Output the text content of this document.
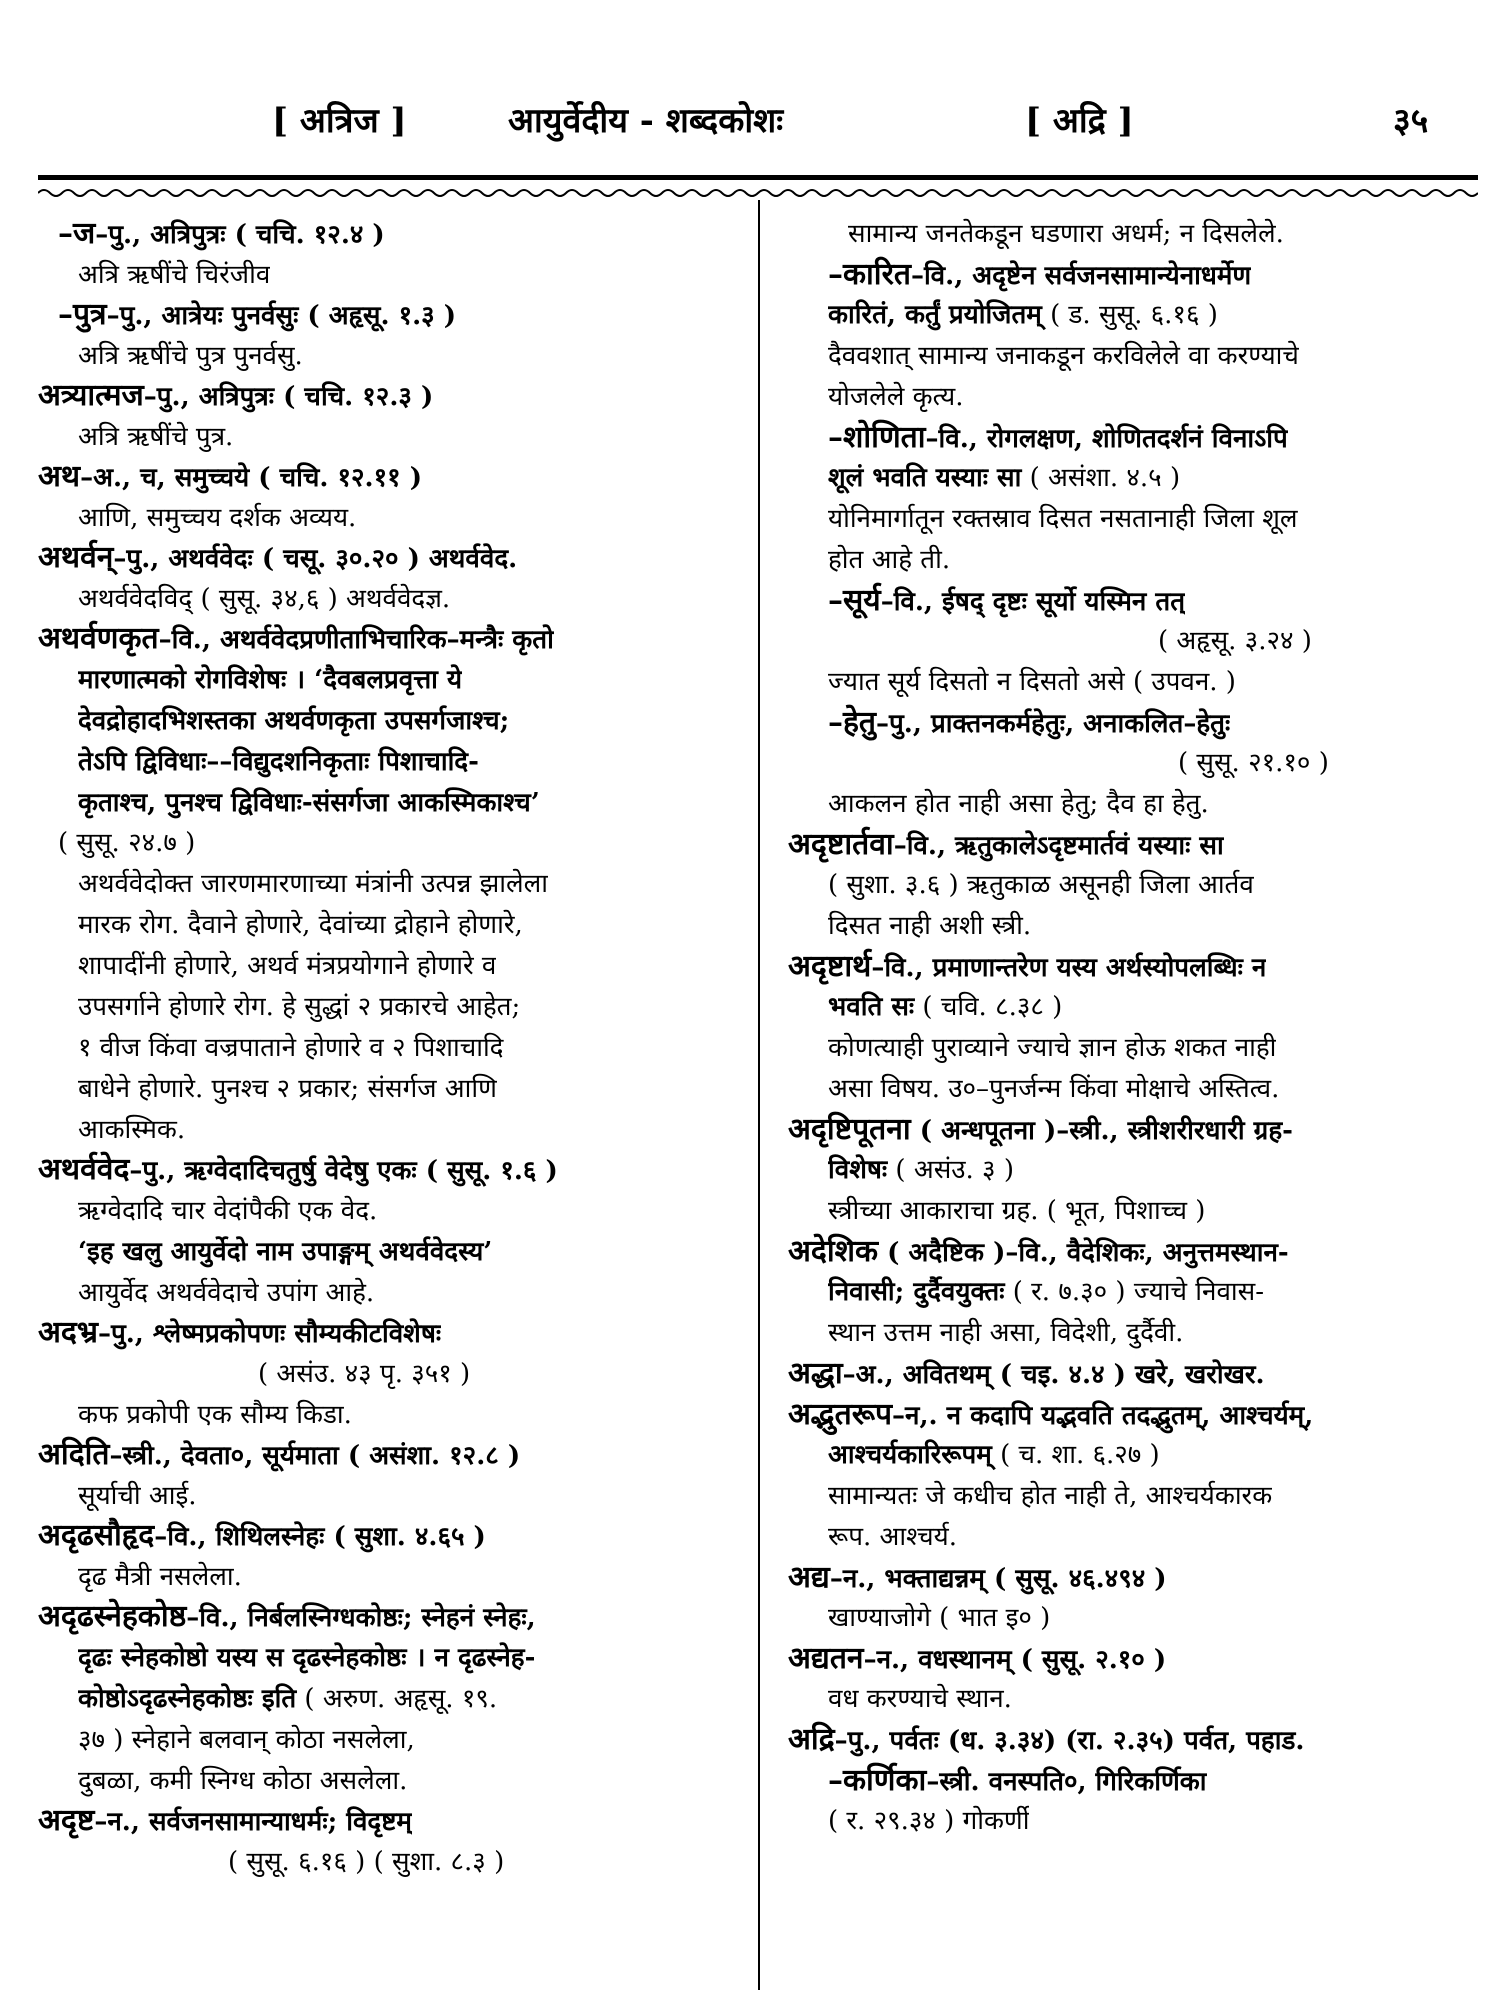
[ अत्रिज ]	आयुर्वेदीय - शब्दकोशः	[ अद्रि ]	३५
–ज–पु., अत्रिपुत्रः ( चचि. १२.४ )
अत्रि ऋषींचे चिरंजीव
–पुत्र–पु., आत्रेयः पुनर्वसुः ( अहृसू. १.३ )
अत्रि ऋषींचे पुत्र पुनर्वसु.
अत्र्यात्मज–पु., अत्रिपुत्रः ( चचि. १२.३ )
अत्रि ऋषींचे पुत्र.
अथ–अ., च, समुच्चये ( चचि. १२.११ )
आणि, समुच्चय दर्शक अव्यय.
अथर्वन्–पु., अथर्ववेदः ( चसू. ३०.२० ) अथर्ववेद.
अथर्ववेदविद् ( सुसू. ३४,६ ) अथर्ववेदज्ञ.
अथर्वणकृत–वि., अथर्ववेदप्रणीताभिचारिक–मन्त्रैः कृतो
मारणात्मको रोगविशेषः । ‘दैवबलप्रवृत्ता ये
देवद्रोहादभिशस्तका अथर्वणकृता उपसर्गजाश्च;
तेऽपि द्विविधाः––विद्युदशनिकृताः पिशाचादि-
कृताश्च, पुनश्च द्विविधाः-संसर्गजा आकस्मिकाश्च’
( सुसू. २४.७ )
अथर्ववेदोक्त जारणमारणाच्या मंत्रांनी उत्पन्न झालेला
मारक रोग. दैवाने होणारे, देवांच्या द्रोहाने होणारे,
शापादींनी होणारे, अथर्व मंत्रप्रयोगाने होणारे व
उपसर्गाने होणारे रोग. हे सुद्धां २ प्रकारचे आहेत;
१ वीज किंवा वज्रपाताने होणारे व २ पिशाचादि
बाधेने होणारे. पुनश्च २ प्रकार; संसर्गज आणि
आकस्मिक.
अथर्ववेद–पु., ऋग्वेदादिचतुर्षु वेदेषु एकः ( सुसू. १.६ )
ऋग्वेदादि चार वेदांपैकी एक वेद.
‘इह खलु आयुर्वेदो नाम उपाङ्गम् अथर्ववेदस्य’
आयुर्वेद अथर्ववेदाचे उपांग आहे.
अदभ्र–पु., श्लेष्मप्रकोपणः सौम्यकीटविशेषः
( असंउ. ४३ पृ. ३५१ )
कफ प्रकोपी एक सौम्य किडा.
अदिति–स्त्री., देवता०, सूर्यमाता ( असंशा. १२.८ )
सूर्याची आई.
अदृढसौहृद–वि., शिथिलस्नेहः ( सुशा. ४.६५ )
दृढ मैत्री नसलेला.
अदृढस्नेहकोष्ठ–वि., निर्बलस्निग्धकोष्ठः; स्नेहनं स्नेहः,
दृढः स्नेहकोष्ठो यस्य स दृढस्नेहकोष्ठः । न दृढस्नेह-
कोष्ठोऽदृढस्नेहकोष्ठः इति ( अरुण. अहृसू. १९.
३७ ) स्नेहाने बलवान् कोठा नसलेला,
दुबळा, कमी स्निग्ध कोठा असलेला.
अदृष्ट–न., सर्वजनसामान्याधर्मः; विदृष्टम्
( सुसू. ६.१६ ) ( सुशा. ८.३ )
सामान्य जनतेकडून घडणारा अधर्म; न दिसलेले.
–कारित–वि., अदृष्टेन सर्वजनसामान्येनाधर्मेण
कारितं, कर्तुं प्रयोजितम् ( ड. सुसू. ६.१६ )
दैववशात् सामान्य जनाकडून करविलेले वा करण्याचे
योजलेले कृत्य.
–शोणिता–वि., रोगलक्षण, शोणितदर्शनं विनाऽपि
शूलं भवति यस्याः सा ( असंशा. ४.५ )
योनिमार्गातून रक्तस्राव दिसत नसतानाही जिला शूल
होत आहे ती.
–सूर्य–वि., ईषद् दृष्टः सूर्यो यस्मिन तत्
( अहृसू. ३.२४ )
ज्यात सूर्य दिसतो न दिसतो असे ( उपवन. )
–हेतु–पु., प्राक्तनकर्महेतुः, अनाकलित–हेतुः
( सुसू. २१.१० )
आकलन होत नाही असा हेतु; दैव हा हेतु.
अदृष्टार्तवा–वि., ऋतुकालेऽदृष्टमार्तवं यस्याः सा
( सुशा. ३.६ ) ऋतुकाळ असूनही जिला आर्तव
दिसत नाही अशी स्त्री.
अदृष्टार्थ–वि., प्रमाणान्तरेण यस्य अर्थस्योपलब्धिः न
भवति सः ( चवि. ८.३८ )
कोणत्याही पुराव्याने ज्याचे ज्ञान होऊ शकत नाही
असा विषय. उ०–पुनर्जन्म किंवा मोक्षाचे अस्तित्व.
अदृष्टिपूतना ( अन्धपूतना )–स्त्री., स्त्रीशरीरधारी ग्रह-
विशेषः ( असंउ. ३ )
स्त्रीच्या आकाराचा ग्रह. ( भूत, पिशाच्च )
अदेशिक ( अदैष्टिक )–वि., वैदेशिकः, अनुत्तमस्थान-
निवासी; दुर्दैवयुक्तः ( र. ७.३० ) ज्याचे निवास-
स्थान उत्तम नाही असा, विदेशी, दुर्दैवी.
अद्धा–अ., अवितथम् ( चइ. ४.४ ) खरे, खरोखर.
अद्भुतरूप–न,. न कदापि यद्भवति तदद्भुतम्, आश्चर्यम्,
आश्चर्यकारिरूपम् ( च. शा. ६.२७ )
सामान्यतः जे कधीच होत नाही ते, आश्चर्यकारक
रूप. आश्चर्य.
अद्य–न., भक्ताद्यन्नम् ( सुसू. ४६.४९४ )
खाण्याजोगे ( भात इ० )
अद्यतन–न., वधस्थानम् ( सुसू. २.१० )
वध करण्याचे स्थान.
अद्रि–पु., पर्वतः (ध. ३.३४) (रा. २.३५) पर्वत, पहाड.
–कर्णिका–स्त्री. वनस्पति०, गिरिकर्णिका
( र. २९.३४ ) गोकर्णी
